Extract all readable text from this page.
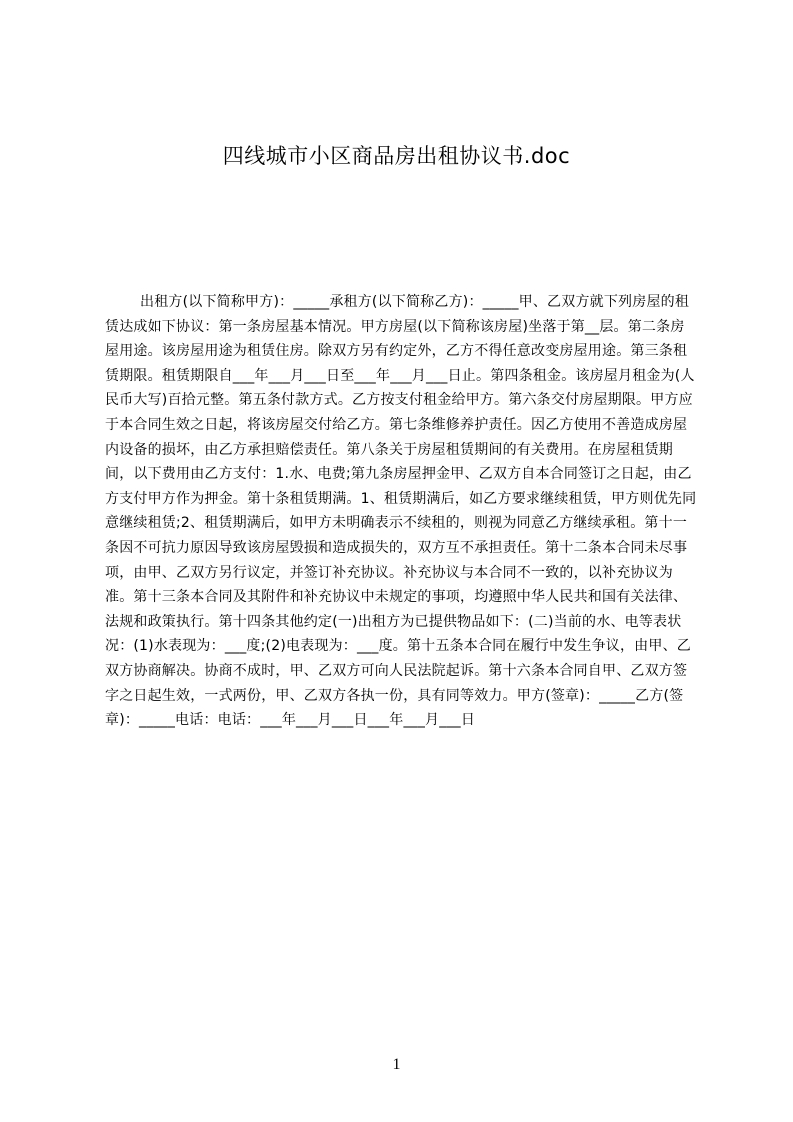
四线城市小区商品房出租协议书.doc

出租方(以下简称甲方)：_____承租方(以下简称乙方)：_____甲、乙双方就下列房屋的租赁达成如下协议：第一条房屋基本情况。甲方房屋(以下简称该房屋)坐落于第__层。第二条房屋用途。该房屋用途为租赁住房。除双方另有约定外，乙方不得任意改变房屋用途。第三条租赁期限。租赁期限自___年___月___日至___年___月___日止。第四条租金。该房屋月租金为(人民币大写)百拾元整。第五条付款方式。乙方按支付租金给甲方。第六条交付房屋期限。甲方应于本合同生效之日起，将该房屋交付给乙方。第七条维修养护责任。因乙方使用不善造成房屋内设备的损坏，由乙方承担赔偿责任。第八条关于房屋租赁期间的有关费用。在房屋租赁期间，以下费用由乙方支付：1.水、电费;第九条房屋押金甲、乙双方自本合同签订之日起，由乙方支付甲方作为押金。第十条租赁期满。1、租赁期满后，如乙方要求继续租赁，甲方则优先同意继续租赁;2、租赁期满后，如甲方未明确表示不续租的，则视为同意乙方继续承租。第十一条因不可抗力原因导致该房屋毁损和造成损失的，双方互不承担责任。第十二条本合同未尽事项，由甲、乙双方另行议定，并签订补充协议。补充协议与本合同不一致的，以补充协议为准。第十三条本合同及其附件和补充协议中未规定的事项，均遵照中华人民共和国有关法律、法规和政策执行。第十四条其他约定(一)出租方为已提供物品如下：(二)当前的水、电等表状况：(1)水表现为：___度;(2)电表现为：___度。第十五条本合同在履行中发生争议，由甲、乙双方协商解决。协商不成时，甲、乙双方可向人民法院起诉。第十六条本合同自甲、乙双方签字之日起生效，一式两份，甲、乙双方各执一份，具有同等效力。甲方(签章)：_____乙方(签章)：_____电话：电话：___年___月___日___年___月___日

1
